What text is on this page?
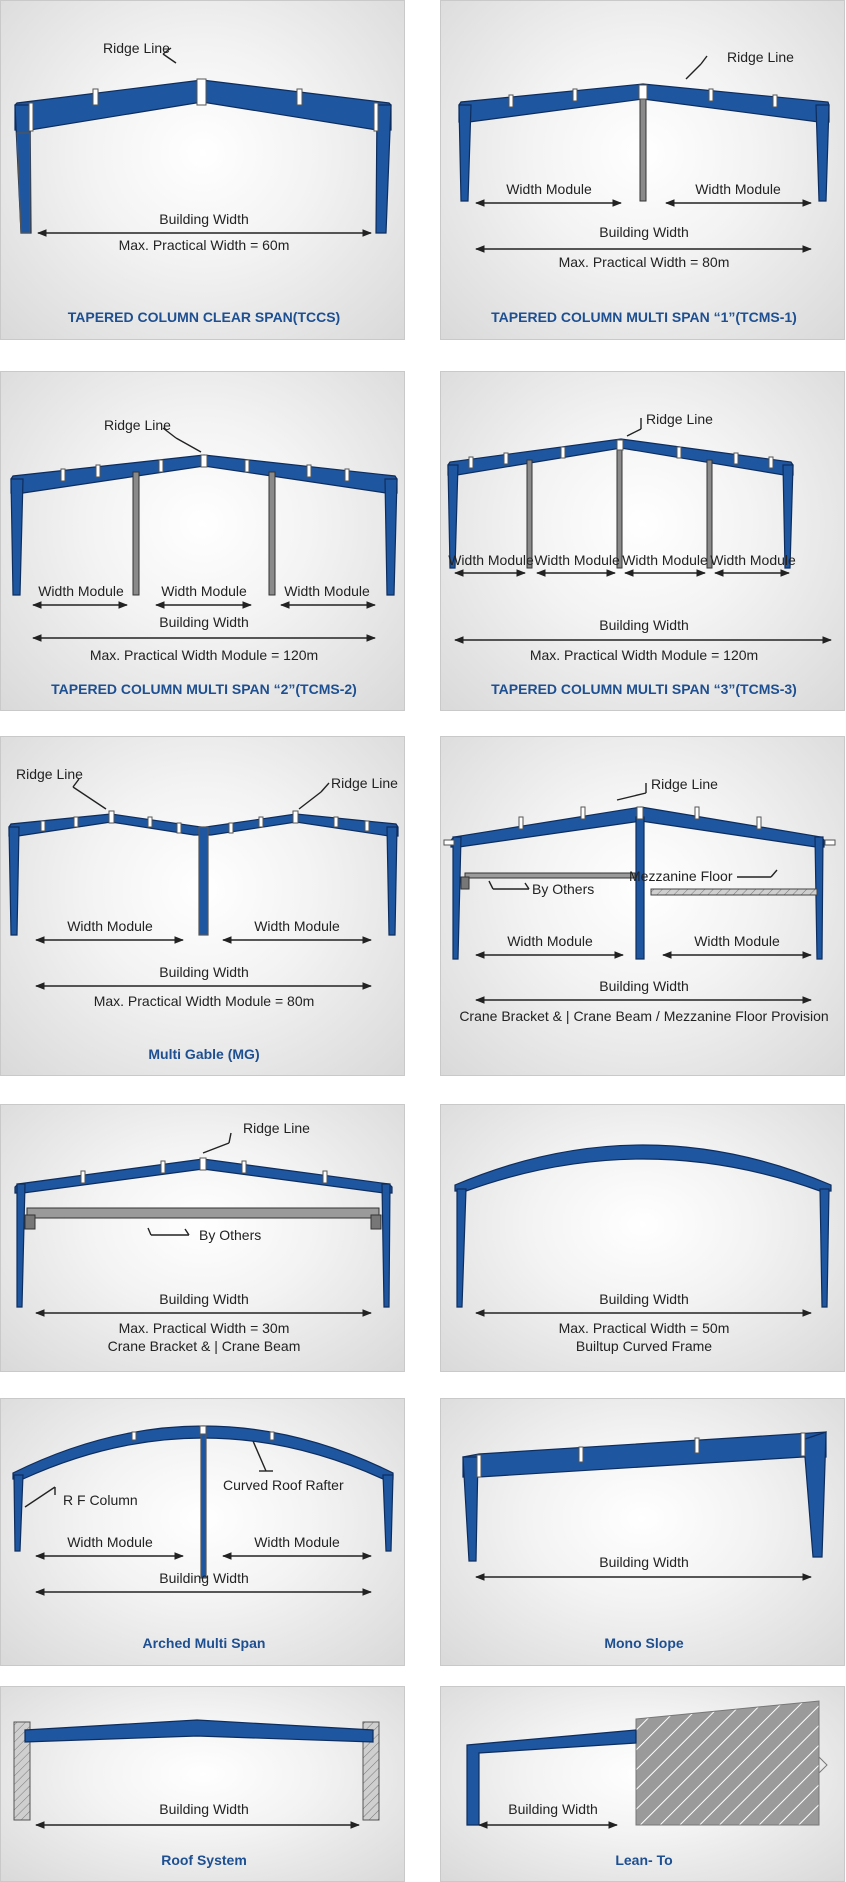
Ridge Line
Building Width
Max. Practical Width = 60m
TAPERED COLUMN CLEAR SPAN(TCCS)
Ridge Line
Width Module	Width Module
Building Width
Max. Practical Width = 80m
TAPERED COLUMN MULTI SPAN “1”(TCMS-1)
Ridge Line
Width Module	Width Module	Width Module
Building Width
Max. Practical Width Module = 120m
TAPERED COLUMN MULTI SPAN “2”(TCMS-2)
Ridge Line
Width Module Width Module Width Module Width Module
Building Width
Max. Practical Width Module = 120m
TAPERED COLUMN MULTI SPAN “3”(TCMS-3)
Ridge Line
Ridge Line
Width Module	Width Module
Building Width
Max. Practical Width Module = 80m
Multi Gable (MG)
Ridge Line
By Others
Mezzanine Floor
Width Module	Width Module
Building Width
Crane Bracket & | Crane Beam / Mezzanine Floor Provision
Ridge Line
By Others
Building Width
Max. Practical Width = 30m
Crane Bracket & | Crane Beam
Building Width
Max. Practical Width = 50m
Builtup Curved Frame
Curved Roof Rafter
R F Column
Width Module	Width Module
Building Width
Arched Multi Span
Building Width
Mono Slope
Building Width
Roof System
Building Width
Lean- To
